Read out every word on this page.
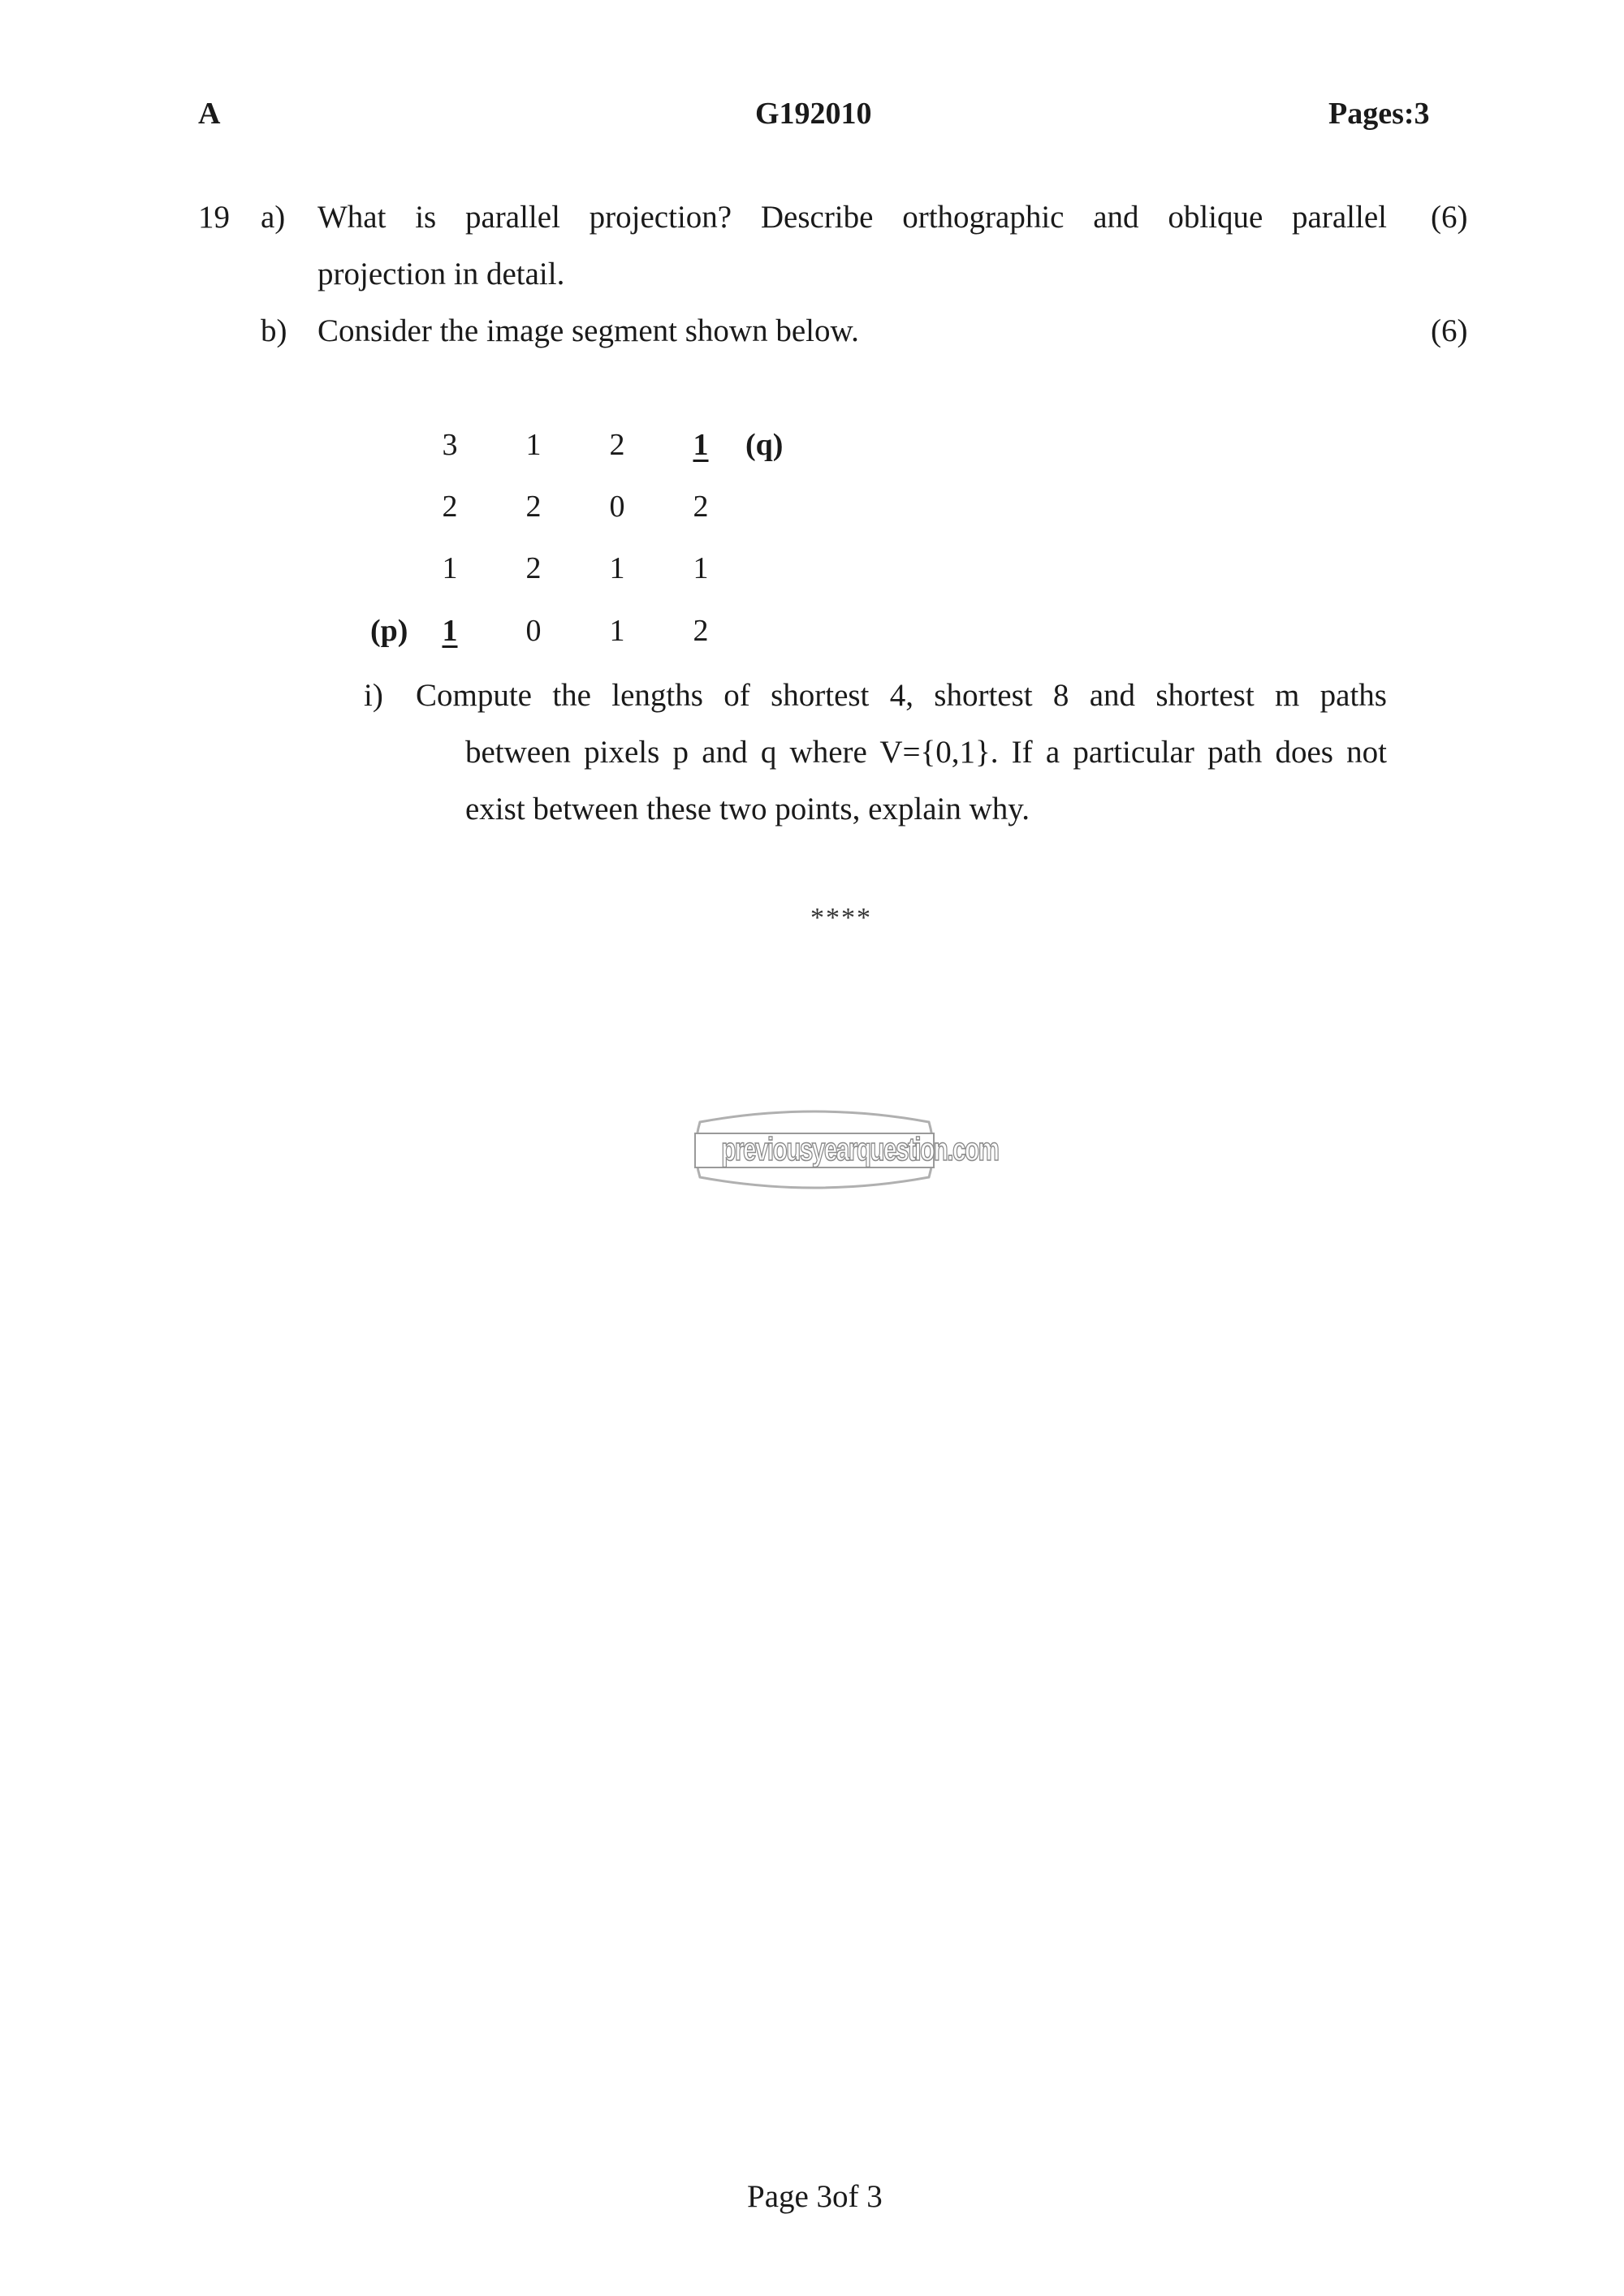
A	G192010	Pages:3
19 a) What is parallel projection? Describe orthographic and oblique parallel
projection in detail.
(6)
b) Consider the image segment shown below.	(6)
3 1 2 1 (q)
2 2 0 2
1 2 1 1
(p) 1 0 1 2
i) Compute the lengths of shortest 4, shortest 8 and shortest m paths
between pixels p and q where V={0,1}. If a particular path does not
exist between these two points, explain why.
****
previousyearquestion.com
Page 3of 3
